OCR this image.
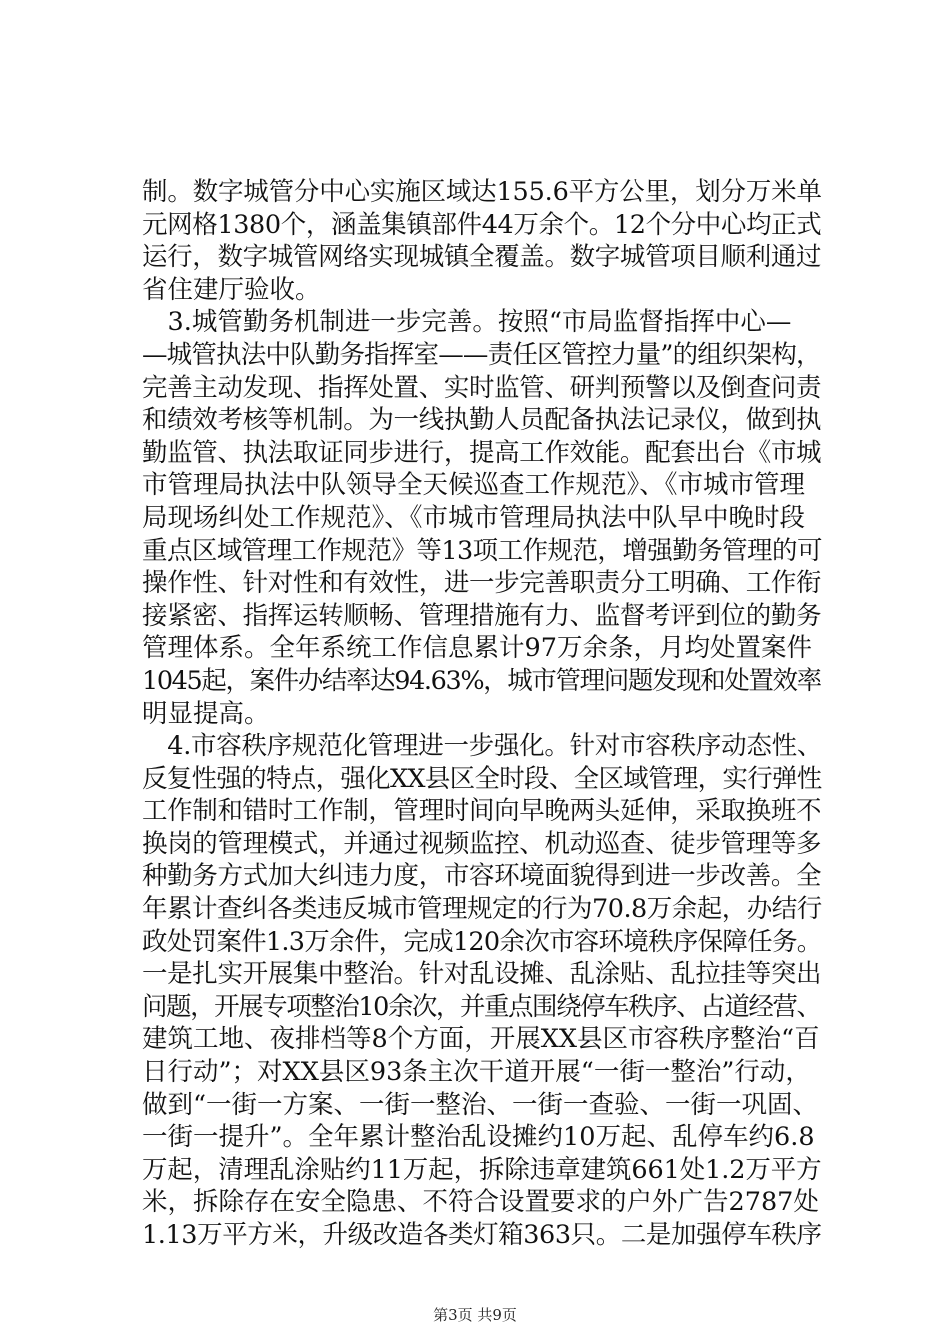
制。数字城管分中心实施区域达155.6平方公里，划分万米单
元网格1380个，涵盖集镇部件44万余个。12个分中心均正式
运行，数字城管网络实现城镇全覆盖。数字城管项目顺利通过
省住建厅验收。
　3.城管勤务机制进一步完善。按照“市局监督指挥中心—
—城管执法中队勤务指挥室——责任区管控力量”的组织架构，
完善主动发现、指挥处置、实时监管、研判预警以及倒查问责
和绩效考核等机制。为一线执勤人员配备执法记录仪，做到执
勤监管、执法取证同步进行，提高工作效能。配套出台《市城
市管理局执法中队领导全天候巡查工作规范》、《市城市管理
局现场纠处工作规范》、《市城市管理局执法中队早中晚时段
重点区域管理工作规范》等13项工作规范，增强勤务管理的可
操作性、针对性和有效性，进一步完善职责分工明确、工作衔
接紧密、指挥运转顺畅、管理措施有力、监督考评到位的勤务
管理体系。全年系统工作信息累计97万余条，月均处置案件
1045起，案件办结率达94.63%，城市管理问题发现和处置效率
明显提高。
　4.市容秩序规范化管理进一步强化。针对市容秩序动态性、
反复性强的特点，强化XX县区全时段、全区域管理，实行弹性
工作制和错时工作制，管理时间向早晚两头延伸，采取换班不
换岗的管理模式，并通过视频监控、机动巡查、徒步管理等多
种勤务方式加大纠违力度，市容环境面貌得到进一步改善。全
年累计查纠各类违反城市管理规定的行为70.8万余起，办结行
政处罚案件1.3万余件，完成120余次市容环境秩序保障任务。
一是扎实开展集中整治。针对乱设摊、乱涂贴、乱拉挂等突出
问题，开展专项整治10余次，并重点围绕停车秩序、占道经营、
建筑工地、夜排档等8个方面，开展XX县区市容秩序整治“百
日行动”；对XX县区93条主次干道开展“一街一整治”行动，
做到“一街一方案、一街一整治、一街一查验、一街一巩固、
一街一提升”。全年累计整治乱设摊约10万起、乱停车约6.8
万起，清理乱涂贴约11万起，拆除违章建筑661处1.2万平方
米，拆除存在安全隐患、不符合设置要求的户外广告2787处
1.13万平方米，升级改造各类灯箱363只。二是加强停车秩序
第3页 共9页
